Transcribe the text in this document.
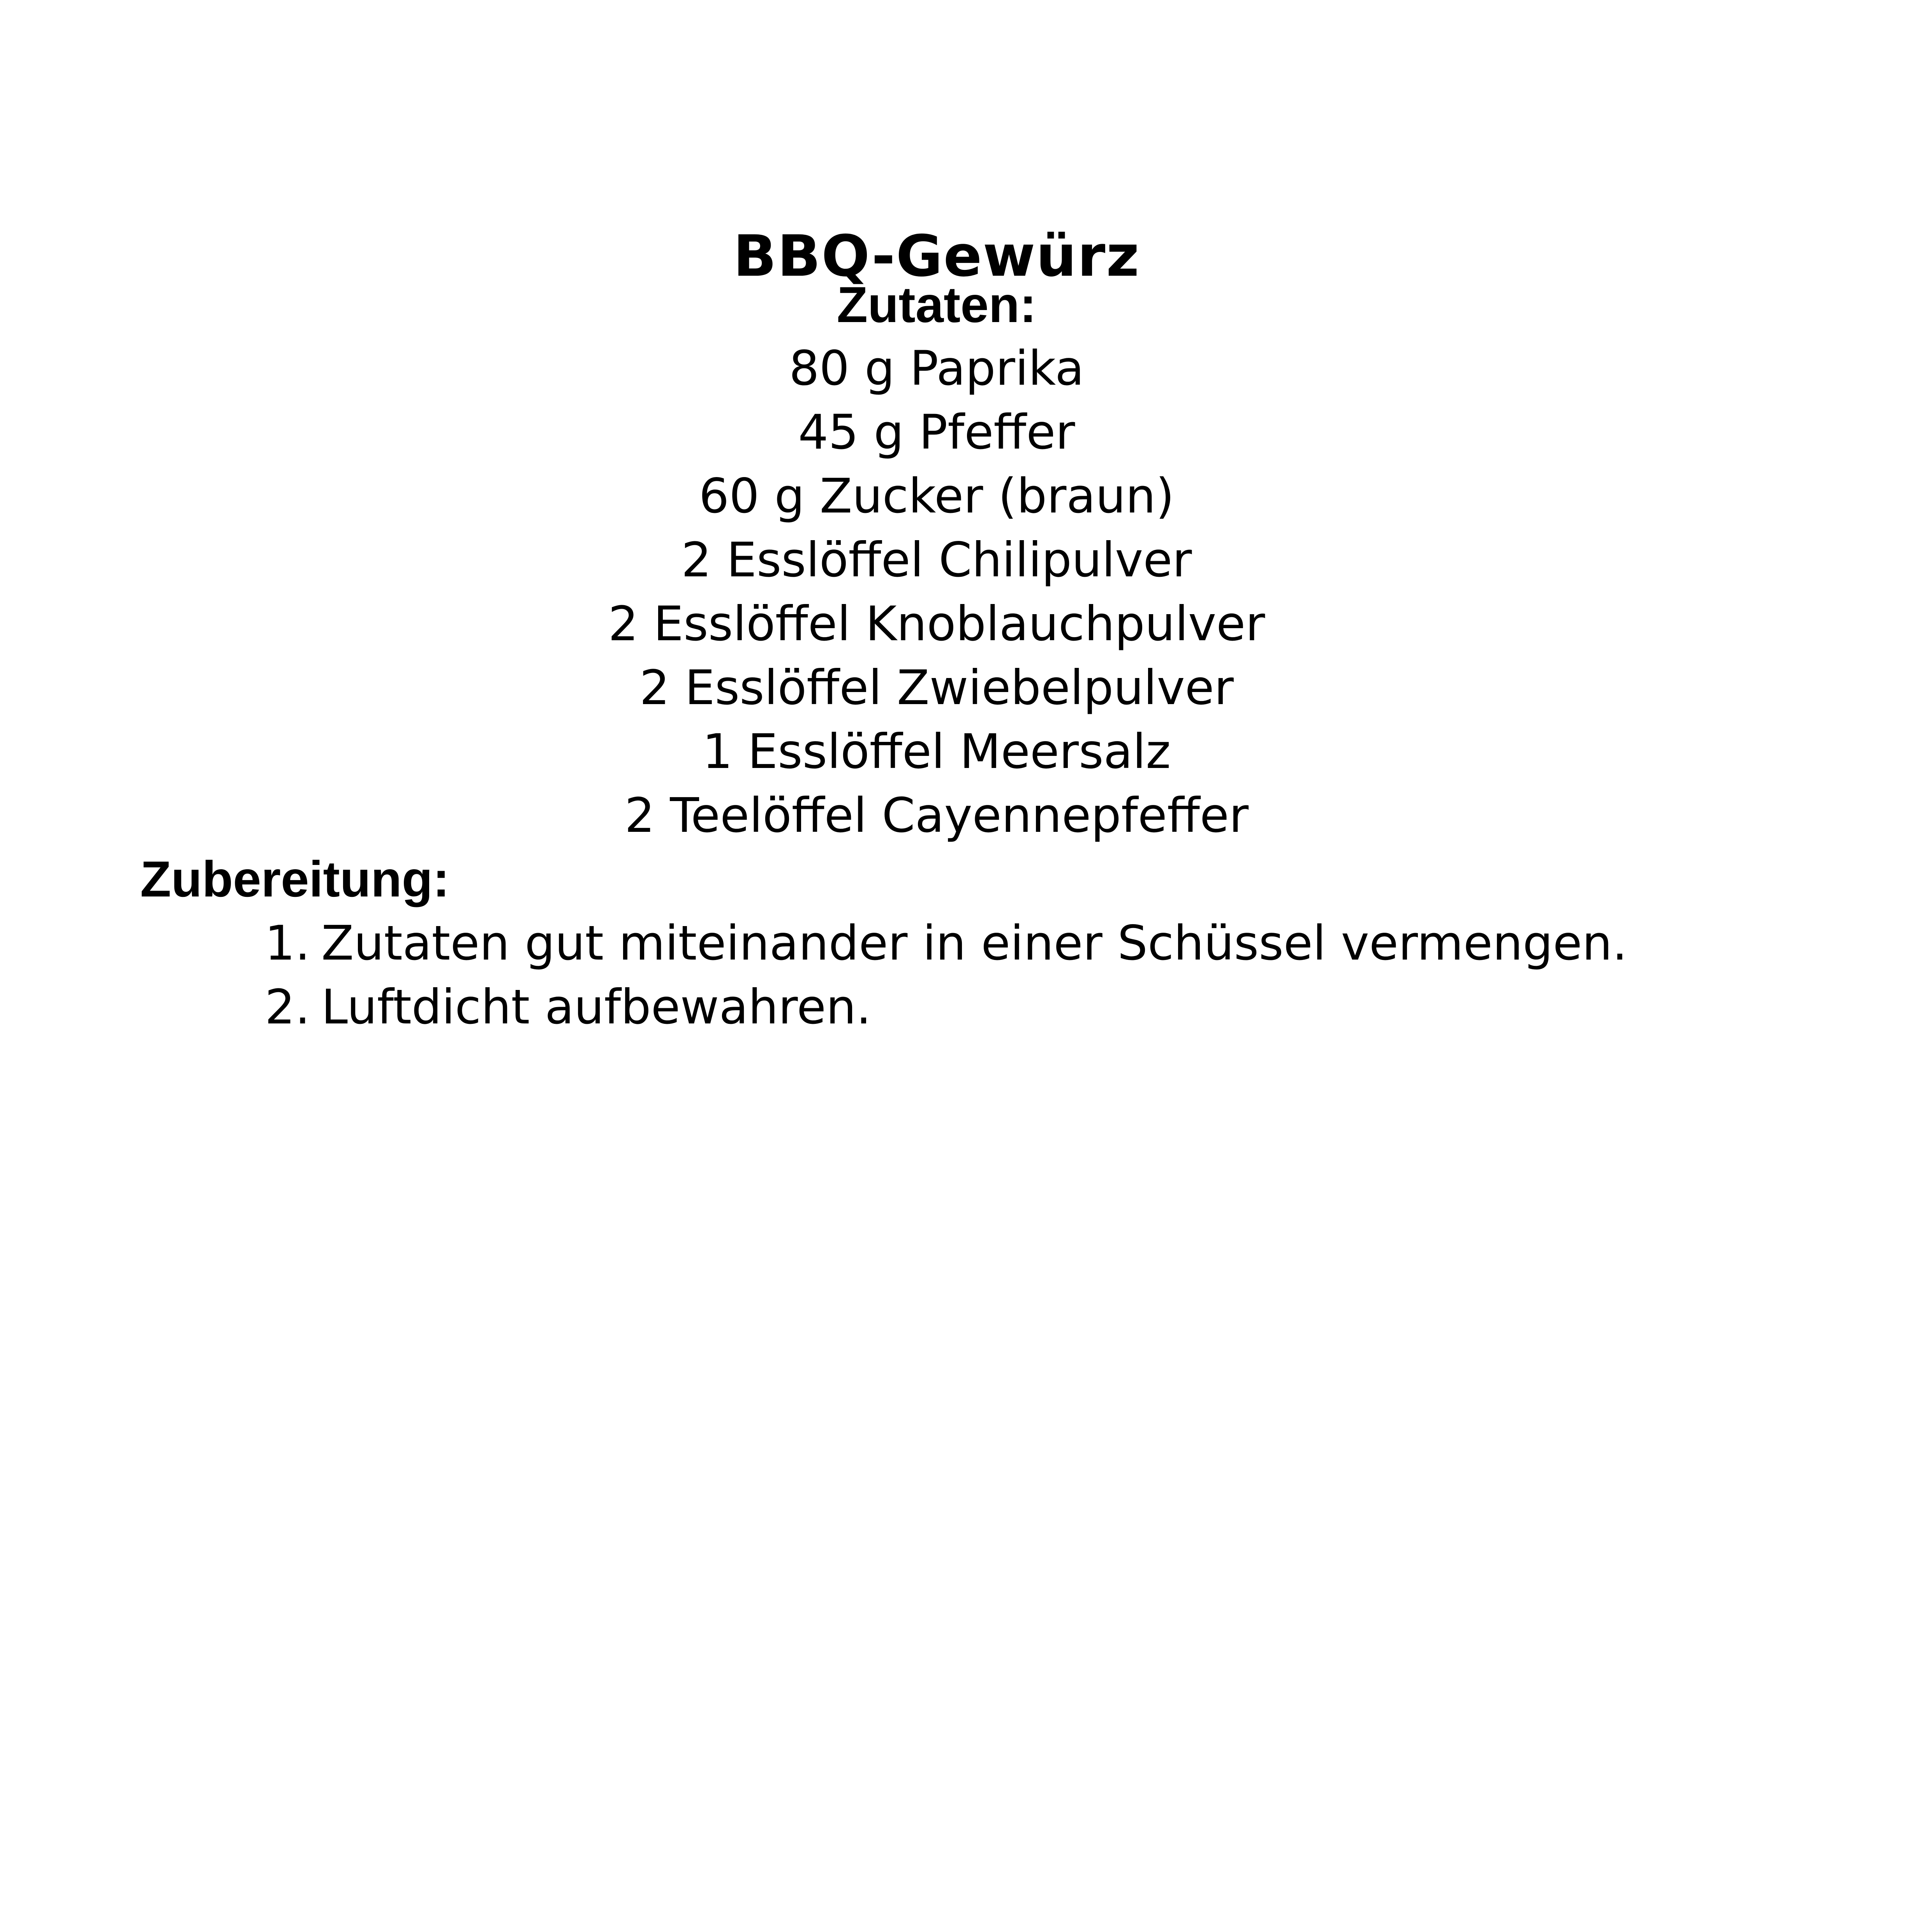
BBQ-Gewürz
Zutaten:
80 g Paprika
45 g Pfeffer
60 g Zucker (braun)
2 Esslöffel Chilipulver
2 Esslöffel Knoblauchpulver
2 Esslöffel Zwiebelpulver
1 Esslöffel Meersalz
2 Teelöffel Cayennepfeffer
Zubereitung:
1. Zutaten gut miteinander in einer Schüssel vermengen.
2. Luftdicht aufbewahren.
